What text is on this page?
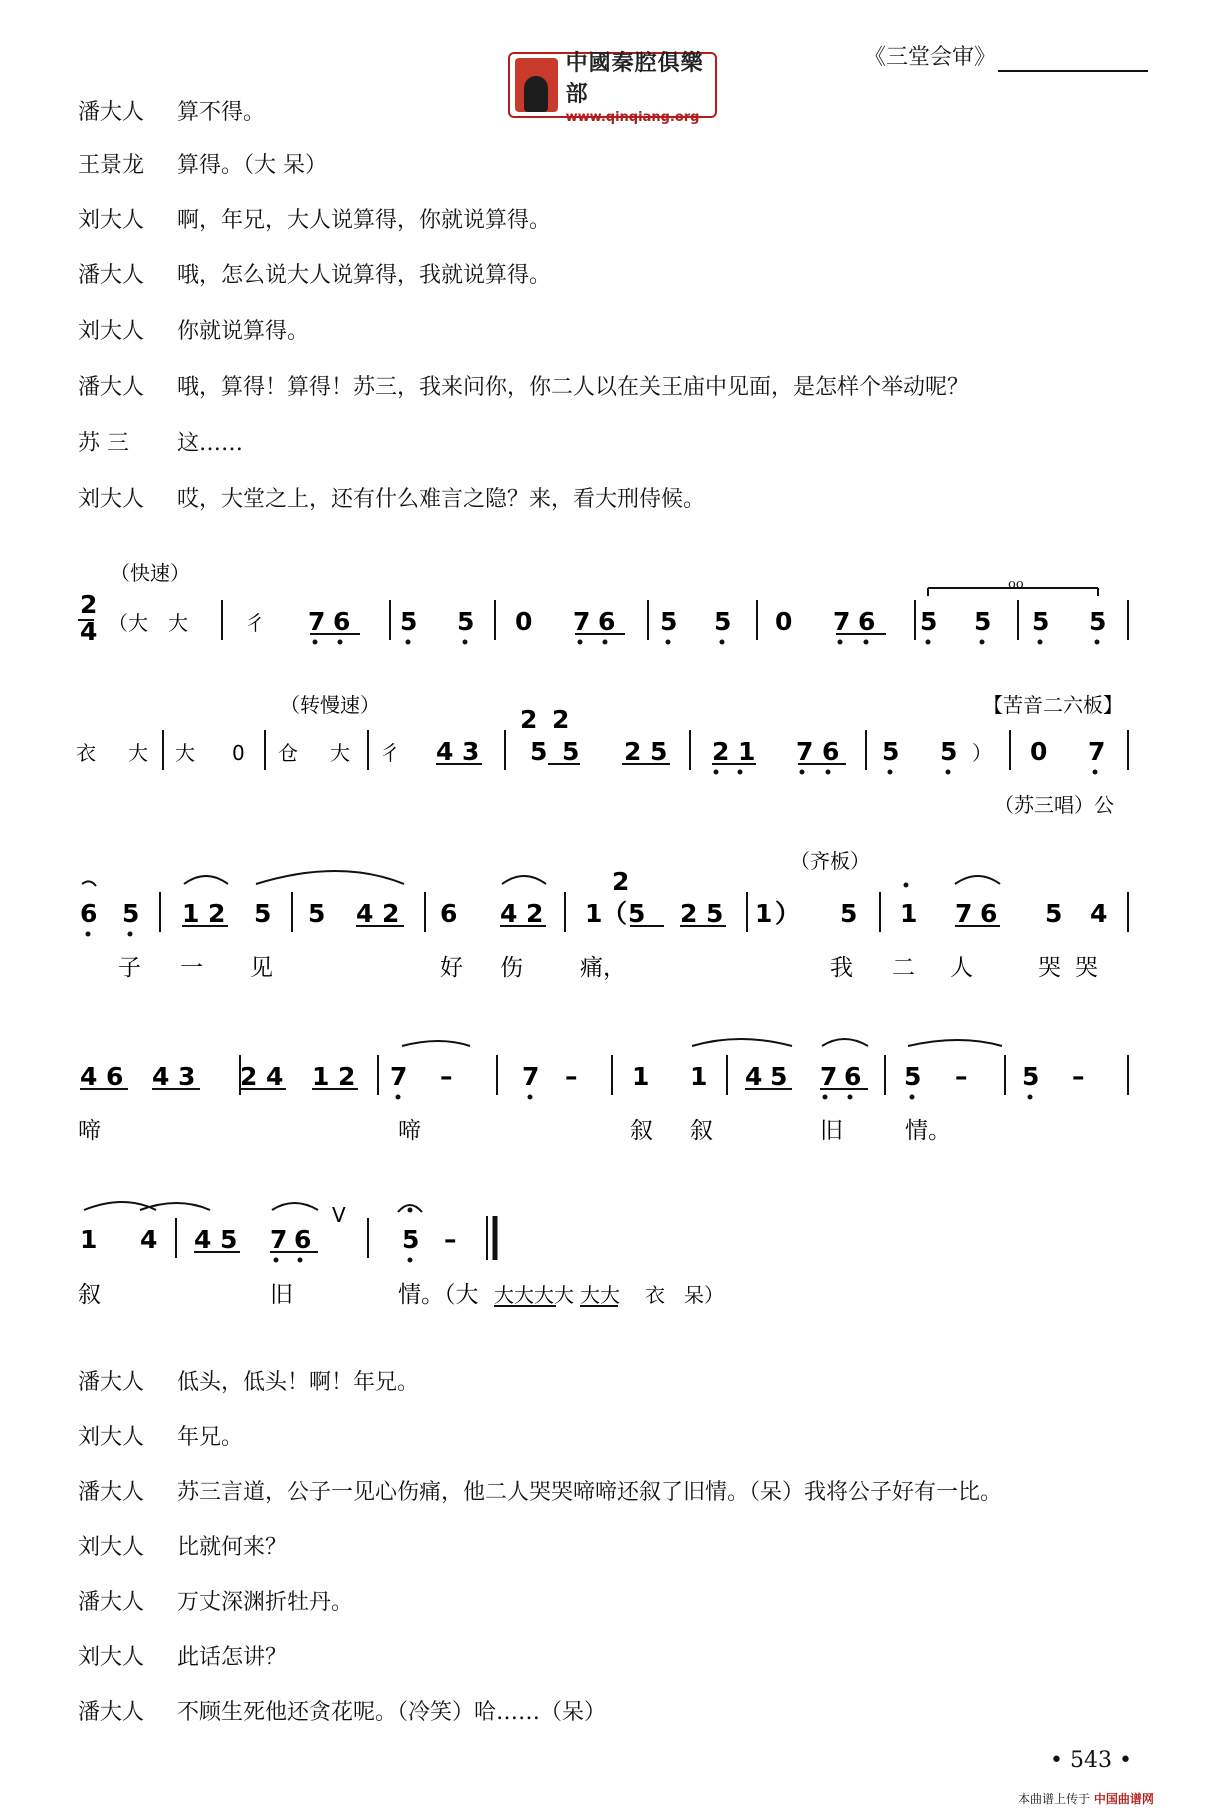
《三堂会审》
中國秦腔俱樂部
www.qinqiang.org
潘大人 算不得。
王景龙 算得。（大 呆）
刘大人 啊，年兄，大人说算得，你就说算得。
潘大人 哦，怎么说大人说算得，我就说算得。
刘大人 你就说算得。
潘大人 哦，算得！算得！苏三，我来问你，你二人以在关王庙中见面，是怎样个举动呢？
苏 三 这……
刘大人 哎，大堂之上，还有什么难言之隐？来，看大刑侍候。
oo
（快速）
2
4
（转慢速）	【苦音二六板】
（苏三唱）公
（齐板）
2 2
2
（ 大 大	彳 7 6 5 5 0 7 6 5 5 0 7 6 5 5 5 5
衣 大 大 0 仓 大 彳 4 3 5 5 2 5 2 1 7 6 5 5 ） 0 7
6 5 1 2 5 5 4 2 6 4 2 1 （ 5 2 5 1 ） 5 1 7 6 5 4
子 一 见	好 伤 痛，	我 二 人	哭 哭
4 6 4 3 2 4 1 2 7 –	7 – 1 1 4 5 7 6 5 – 5 –
啼	啼	叙 叙	旧	情。
1 4 4 5 7 6
V
5 –
叙	旧	情。（大 大大大大 大大 衣 呆）
潘大人 低头，低头！啊！年兄。
刘大人 年兄。
潘大人 苏三言道，公子一见心伤痛，他二人哭哭啼啼还叙了旧情。（呆）我将公子好有一比。
刘大人 比就何来？
潘大人 万丈深渊折牡丹。
刘大人 此话怎讲？
潘大人 不顾生死他还贪花呢。（冷笑）哈……（呆）
• 543 •
本曲谱上传于 中国曲谱网
